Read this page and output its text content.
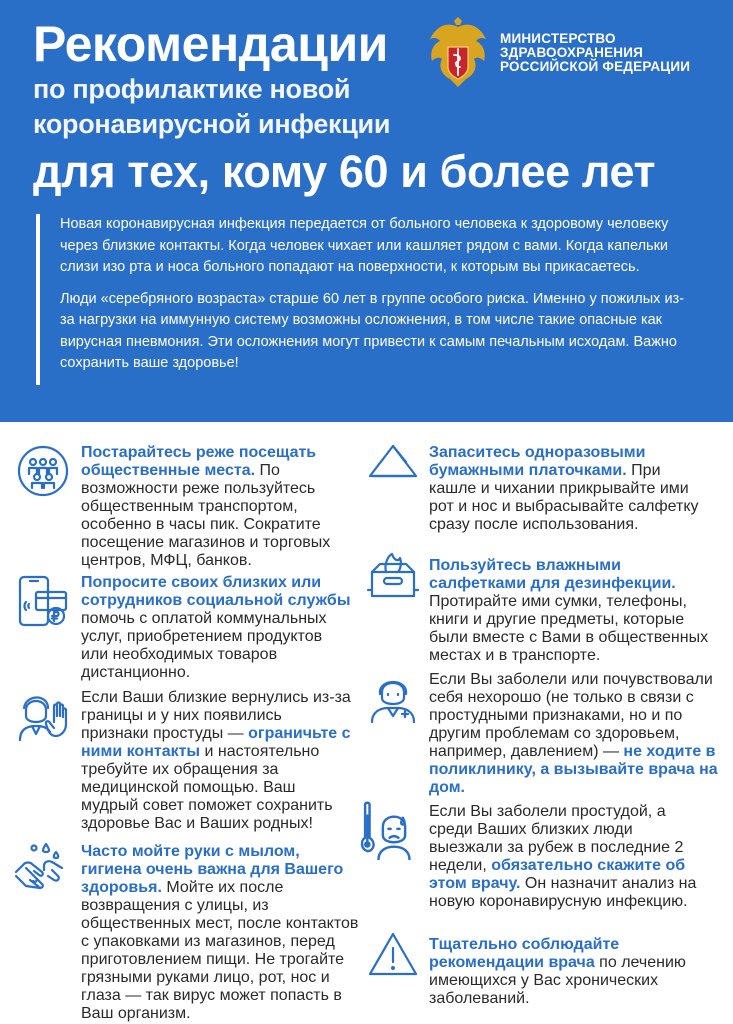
Рекомендации
по профилактике новой
коронавирусной инфекции
для тех, кому 60 и более лет
МИНИСТЕРСТВО
ЗДРАВООХРАНЕНИЯ
РОССИЙСКОЙ ФЕДЕРАЦИИ

Новая коронавирусная инфекция передается от больного человека к здоровому человеку через близкие контакты. Когда человек чихает или кашляет рядом с вами. Когда капельки слизи изо рта и носа больного попадают на поверхности, к которым вы прикасаетесь.

Люди «серебряного возраста» старше 60 лет в группе особого риска. Именно у пожилых из-за нагрузки на иммунную систему возможны осложнения, в том числе такие опасные как вирусная пневмония. Эти осложнения могут привести к самым печальным исходам. Важно сохранить ваше здоровье!

Постарайтесь реже посещать общественные места. По возможности реже пользуйтесь общественным транспортом, особенно в часы пик. Сократите посещение магазинов и торговых центров, МФЦ, банков.
Попросите своих близких или сотрудников социальной службы помочь с оплатой коммунальных услуг, приобретением продуктов или необходимых товаров дистанционно.
Если Ваши близкие вернулись из-за границы и у них появились признаки простуды — ограничьте с ними контакты и настоятельно требуйте их обращения за медицинской помощью. Ваш мудрый совет поможет сохранить здоровье Вас и Ваших родных!
Часто мойте руки с мылом, гигиена очень важна для Вашего здоровья. Мойте их после возвращения с улицы, из общественных мест, после контактов с упаковками из магазинов, перед приготовлением пищи. Не трогайте грязными руками лицо, рот, нос и глаза — так вирус может попасть в Ваш организм.
Запаситесь одноразовыми бумажными платочками. При кашле и чихании прикрывайте ими рот и нос и выбрасывайте салфетку сразу после использования.
Пользуйтесь влажными салфетками для дезинфекции. Протирайте ими сумки, телефоны, книги и другие предметы, которые были вместе с Вами в общественных местах и в транспорте.
Если Вы заболели или почувствовали себя нехорошо (не только в связи с простудными признаками, но и по другим проблемам со здоровьем, например, давлением) — не ходите в поликлинику, а вызывайте врача на дом.
Если Вы заболели простудой, а среди Ваших близких люди выезжали за рубеж в последние 2 недели, обязательно скажите об этом врачу. Он назначит анализ на новую коронавирусную инфекцию.
Тщательно соблюдайте рекомендации врача по лечению имеющихся у Вас хронических заболеваний.
